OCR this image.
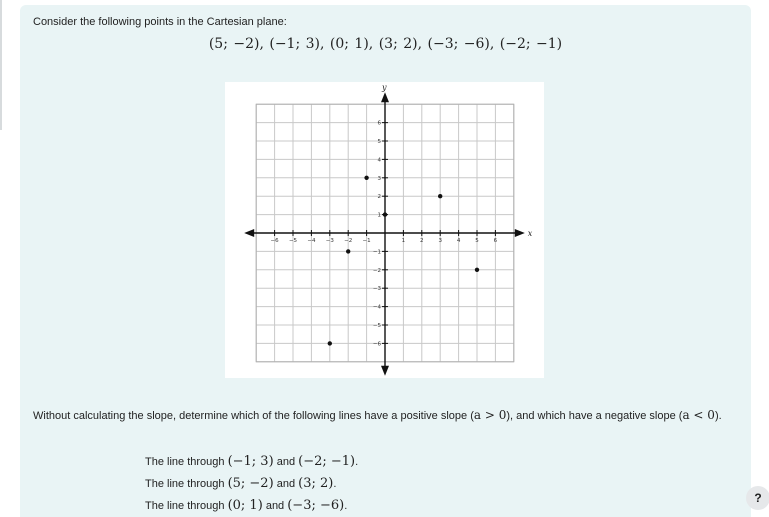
Consider the following points in the Cartesian plane:
(5; −2), (−1; 3), (0; 1), (3; 2), (−3; −6), (−2; −1)
x
y
−6 −5 −4 −3 −2 −1	1	2	3	4	5	6
−6
−5
−4
−3
−2
−1
1
2
3
4
5
6
Without calculating the slope, determine which of the following lines have a positive slope (a > 0), and which have a negative slope (a < 0).
The line through (−1; 3) and (−2; −1).
The line through (5; −2) and (3; 2).
The line through (0; 1) and (−3; −6).
?
